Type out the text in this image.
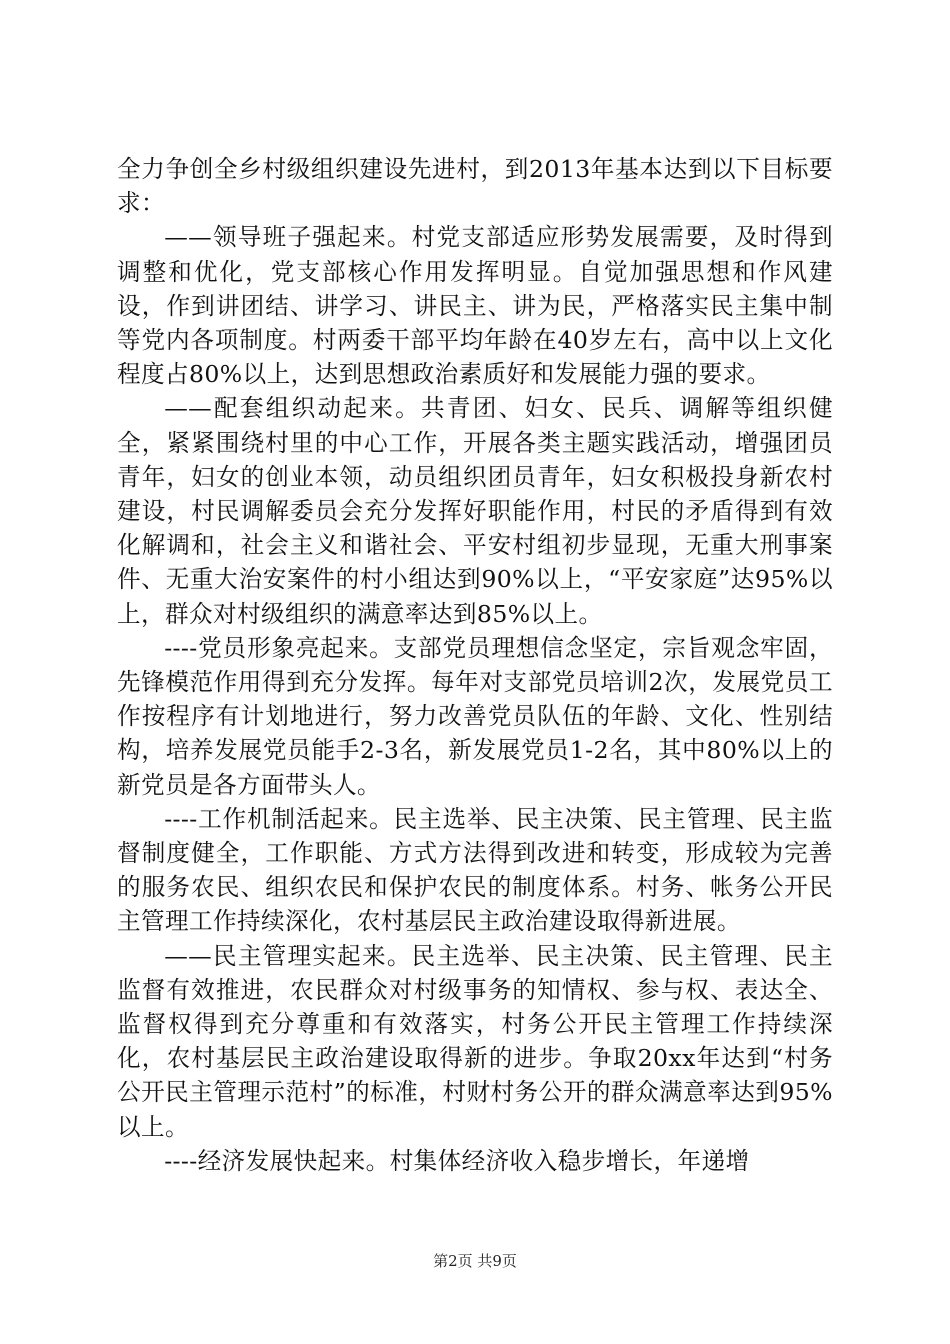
全力争创全乡村级组织建设先进村，到2013年基本达到以下目标要求：

——领导班子强起来。村党支部适应形势发展需要，及时得到调整和优化，党支部核心作用发挥明显。自觉加强思想和作风建设，作到讲团结、讲学习、讲民主、讲为民，严格落实民主集中制等党内各项制度。村两委干部平均年龄在40岁左右，高中以上文化程度占80%以上，达到思想政治素质好和发展能力强的要求。

——配套组织动起来。共青团、妇女、民兵、调解等组织健全，紧紧围绕村里的中心工作，开展各类主题实践活动，增强团员青年，妇女的创业本领，动员组织团员青年，妇女积极投身新农村建设，村民调解委员会充分发挥好职能作用，村民的矛盾得到有效化解调和，社会主义和谐社会、平安村组初步显现，无重大刑事案件、无重大治安案件的村小组达到90%以上，“平安家庭”达95%以上，群众对村级组织的满意率达到85%以上。

----党员形象亮起来。支部党员理想信念坚定，宗旨观念牢固，先锋模范作用得到充分发挥。每年对支部党员培训2次，发展党员工作按程序有计划地进行，努力改善党员队伍的年龄、文化、性别结构，培养发展党员能手2-3名，新发展党员1-2名，其中80%以上的新党员是各方面带头人。

----工作机制活起来。民主选举、民主决策、民主管理、民主监督制度健全，工作职能、方式方法得到改进和转变，形成较为完善的服务农民、组织农民和保护农民的制度体系。村务、帐务公开民主管理工作持续深化，农村基层民主政治建设取得新进展。

——民主管理实起来。民主选举、民主决策、民主管理、民主监督有效推进，农民群众对村级事务的知情权、参与权、表达全、监督权得到充分尊重和有效落实，村务公开民主管理工作持续深化，农村基层民主政治建设取得新的进步。争取20xx年达到“村务公开民主管理示范村”的标准，村财村务公开的群众满意率达到95%以上。

----经济发展快起来。村集体经济收入稳步增长，年递增

第2页 共9页
